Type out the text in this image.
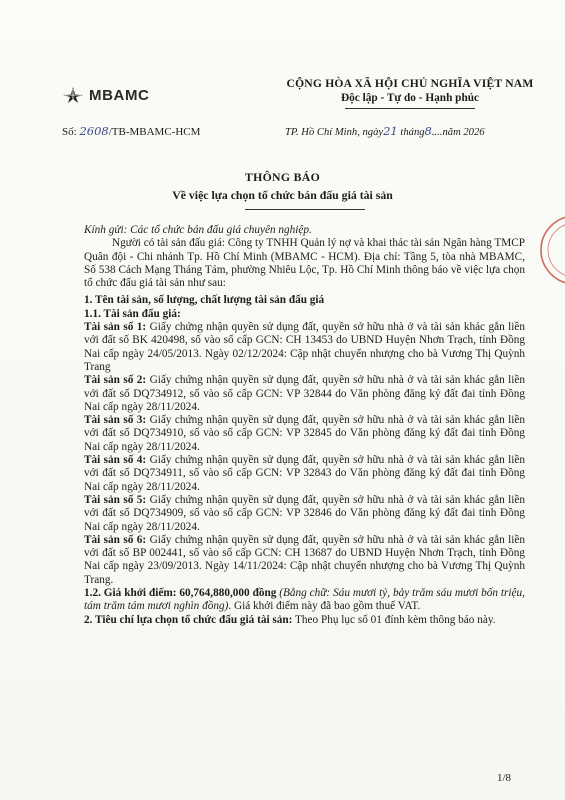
MBAMC
CỘNG HÒA XÃ HỘI CHỦ NGHĨA VIỆT NAM
Độc lập - Tự do - Hạnh phúc
Số: 2608/TB-MBAMC-HCM	TP. Hồ Chí Minh, ngày21 tháng8....năm 2026
THÔNG BÁO
Về việc lựa chọn tổ chức bán đấu giá tài sản

Kính gửi: Các tổ chức bán đấu giá chuyên nghiệp.

Người có tài sản đấu giá: Công ty TNHH Quản lý nợ và khai thác tài sản Ngân hàng TMCP Quân đội - Chi nhánh Tp. Hồ Chí Minh (MBAMC - HCM). Địa chỉ: Tầng 5, tòa nhà MBAMC, Số 538 Cách Mạng Tháng Tám, phường Nhiêu Lộc, Tp. Hồ Chí Minh thông báo về việc lựa chọn tổ chức đấu giá tài sản như sau:

1. Tên tài sản, số lượng, chất lượng tài sản đấu giá

1.1. Tài sản đấu giá:

Tài sản số 1: Giấy chứng nhận quyền sử dụng đất, quyền sở hữu nhà ở và tài sản khác gắn liền với đất số BK 420498, số vào sổ cấp GCN: CH 13453 do UBND Huyện Nhơn Trạch, tỉnh Đồng Nai cấp ngày 24/05/2013. Ngày 02/12/2024: Cập nhật chuyển nhượng cho bà Vương Thị Quỳnh Trang

Tài sản số 2: Giấy chứng nhận quyền sử dụng đất, quyền sở hữu nhà ở và tài sản khác gắn liền với đất số DQ734912, số vào sổ cấp GCN: VP 32844 do Văn phòng đăng ký đất đai tỉnh Đồng Nai cấp ngày 28/11/2024.

Tài sản số 3: Giấy chứng nhận quyền sử dụng đất, quyền sở hữu nhà ở và tài sản khác gắn liền với đất số DQ734910, số vào sổ cấp GCN: VP 32845 do Văn phòng đăng ký đất đai tỉnh Đồng Nai cấp ngày 28/11/2024.

Tài sản số 4: Giấy chứng nhận quyền sử dụng đất, quyền sở hữu nhà ở và tài sản khác gắn liền với đất số DQ734911, số vào sổ cấp GCN: VP 32843 do Văn phòng đăng ký đất đai tỉnh Đồng Nai cấp ngày 28/11/2024.

Tài sản số 5: Giấy chứng nhận quyền sử dụng đất, quyền sở hữu nhà ở và tài sản khác gắn liền với đất số DQ734909, số vào sổ cấp GCN: VP 32846 do Văn phòng đăng ký đất đai tỉnh Đồng Nai cấp ngày 28/11/2024.

Tài sản số 6: Giấy chứng nhận quyền sử dụng đất, quyền sở hữu nhà ở và tài sản khác gắn liền với đất số BP 002441, số vào sổ cấp GCN: CH 13687 do UBND Huyện Nhơn Trạch, tỉnh Đồng Nai cấp ngày 23/09/2013. Ngày 14/11/2024: Cập nhật chuyển nhượng cho bà Vương Thị Quỳnh Trang.

1.2. Giá khởi điểm: 60,764,880,000 đồng (Bằng chữ: Sáu mươi tỷ, bảy trăm sáu mươi bốn triệu, tám trăm tám mươi nghìn đồng). Giá khởi điểm này đã bao gồm thuế VAT.

2. Tiêu chí lựa chọn tổ chức đấu giá tài sản: Theo Phụ lục số 01 đính kèm thông báo này.

1/8
